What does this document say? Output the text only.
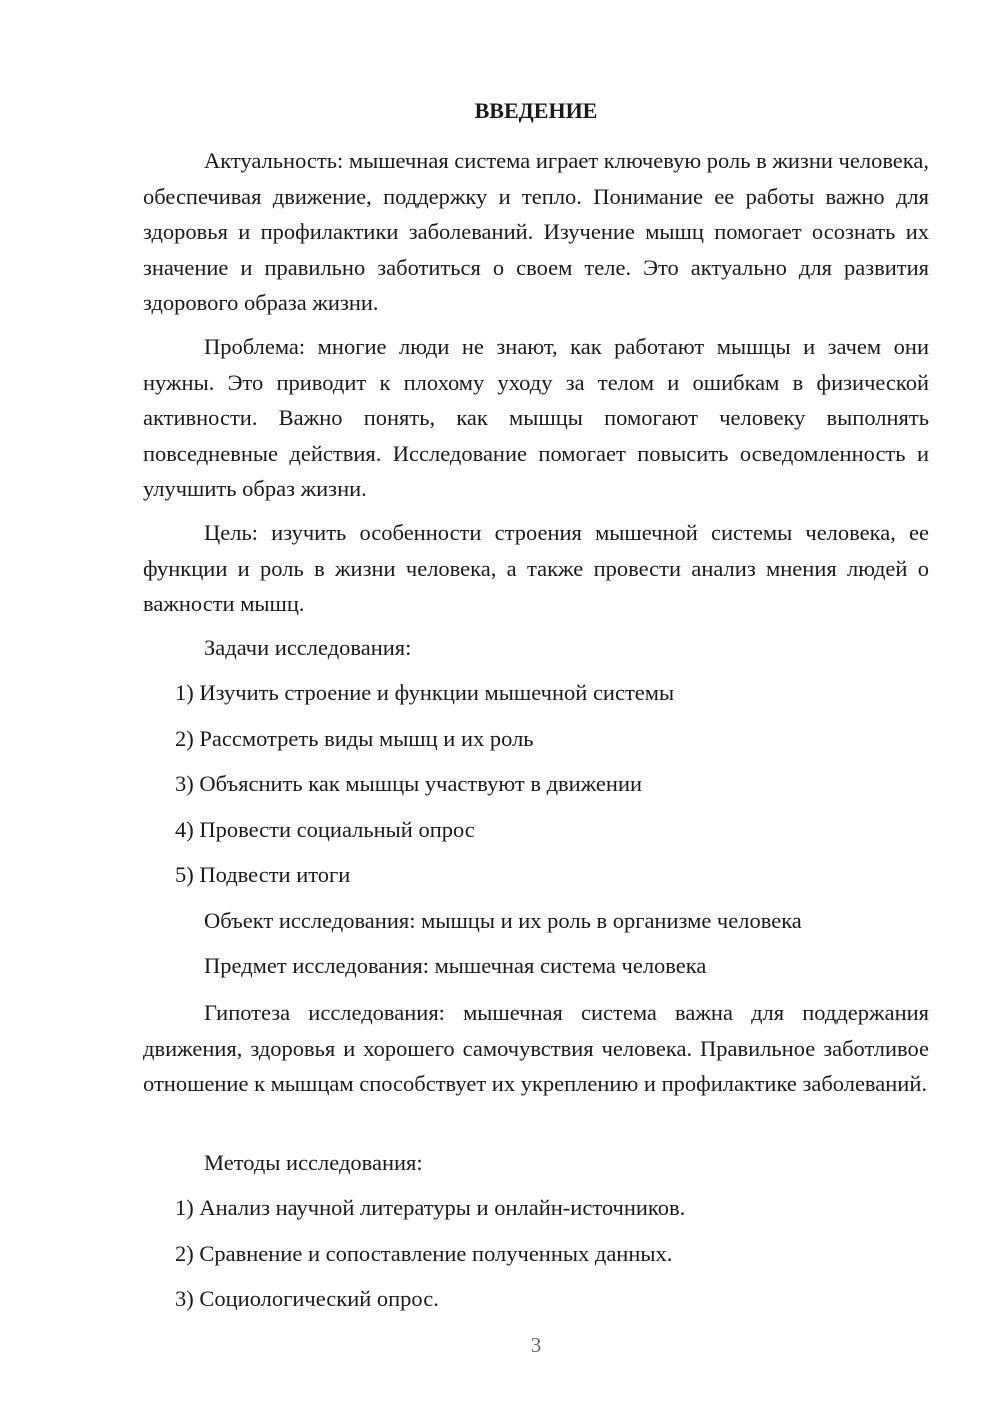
ВВЕДЕНИЕ

Актуальность: мышечная система играет ключевую роль в жизни человека, обеспечивая движение, поддержку и тепло. Понимание ее работы важно для здоровья и профилактики заболеваний. Изучение мышц помогает осознать их значение и правильно заботиться о своем теле. Это актуально для развития здорового образа жизни.

Проблема: многие люди не знают, как работают мышцы и зачем они нужны. Это приводит к плохому уходу за телом и ошибкам в физической активности. Важно понять, как мышцы помогают человеку выполнять повседневные действия. Исследование помогает повысить осведомленность и улучшить образ жизни.

Цель: изучить особенности строения мышечной системы человека, ее функции и роль в жизни человека, а также провести анализ мнения людей о важности мышц.

Задачи исследования:

1) Изучить строение и функции мышечной системы

2) Рассмотреть виды мышц и их роль

3) Объяснить как мышцы участвуют в движении

4) Провести социальный опрос

5) Подвести итоги

Объект исследования: мышцы и их роль в организме человека

Предмет исследования: мышечная система человека

Гипотеза исследования: мышечная система важна для поддержания движения, здоровья и хорошего самочувствия человека. Правильное заботливое отношение к мышцам способствует их укреплению и профилактике заболеваний.

Методы исследования:

1) Анализ научной литературы и онлайн-источников.

2) Сравнение и сопоставление полученных данных.

3) Социологический опрос.

3
